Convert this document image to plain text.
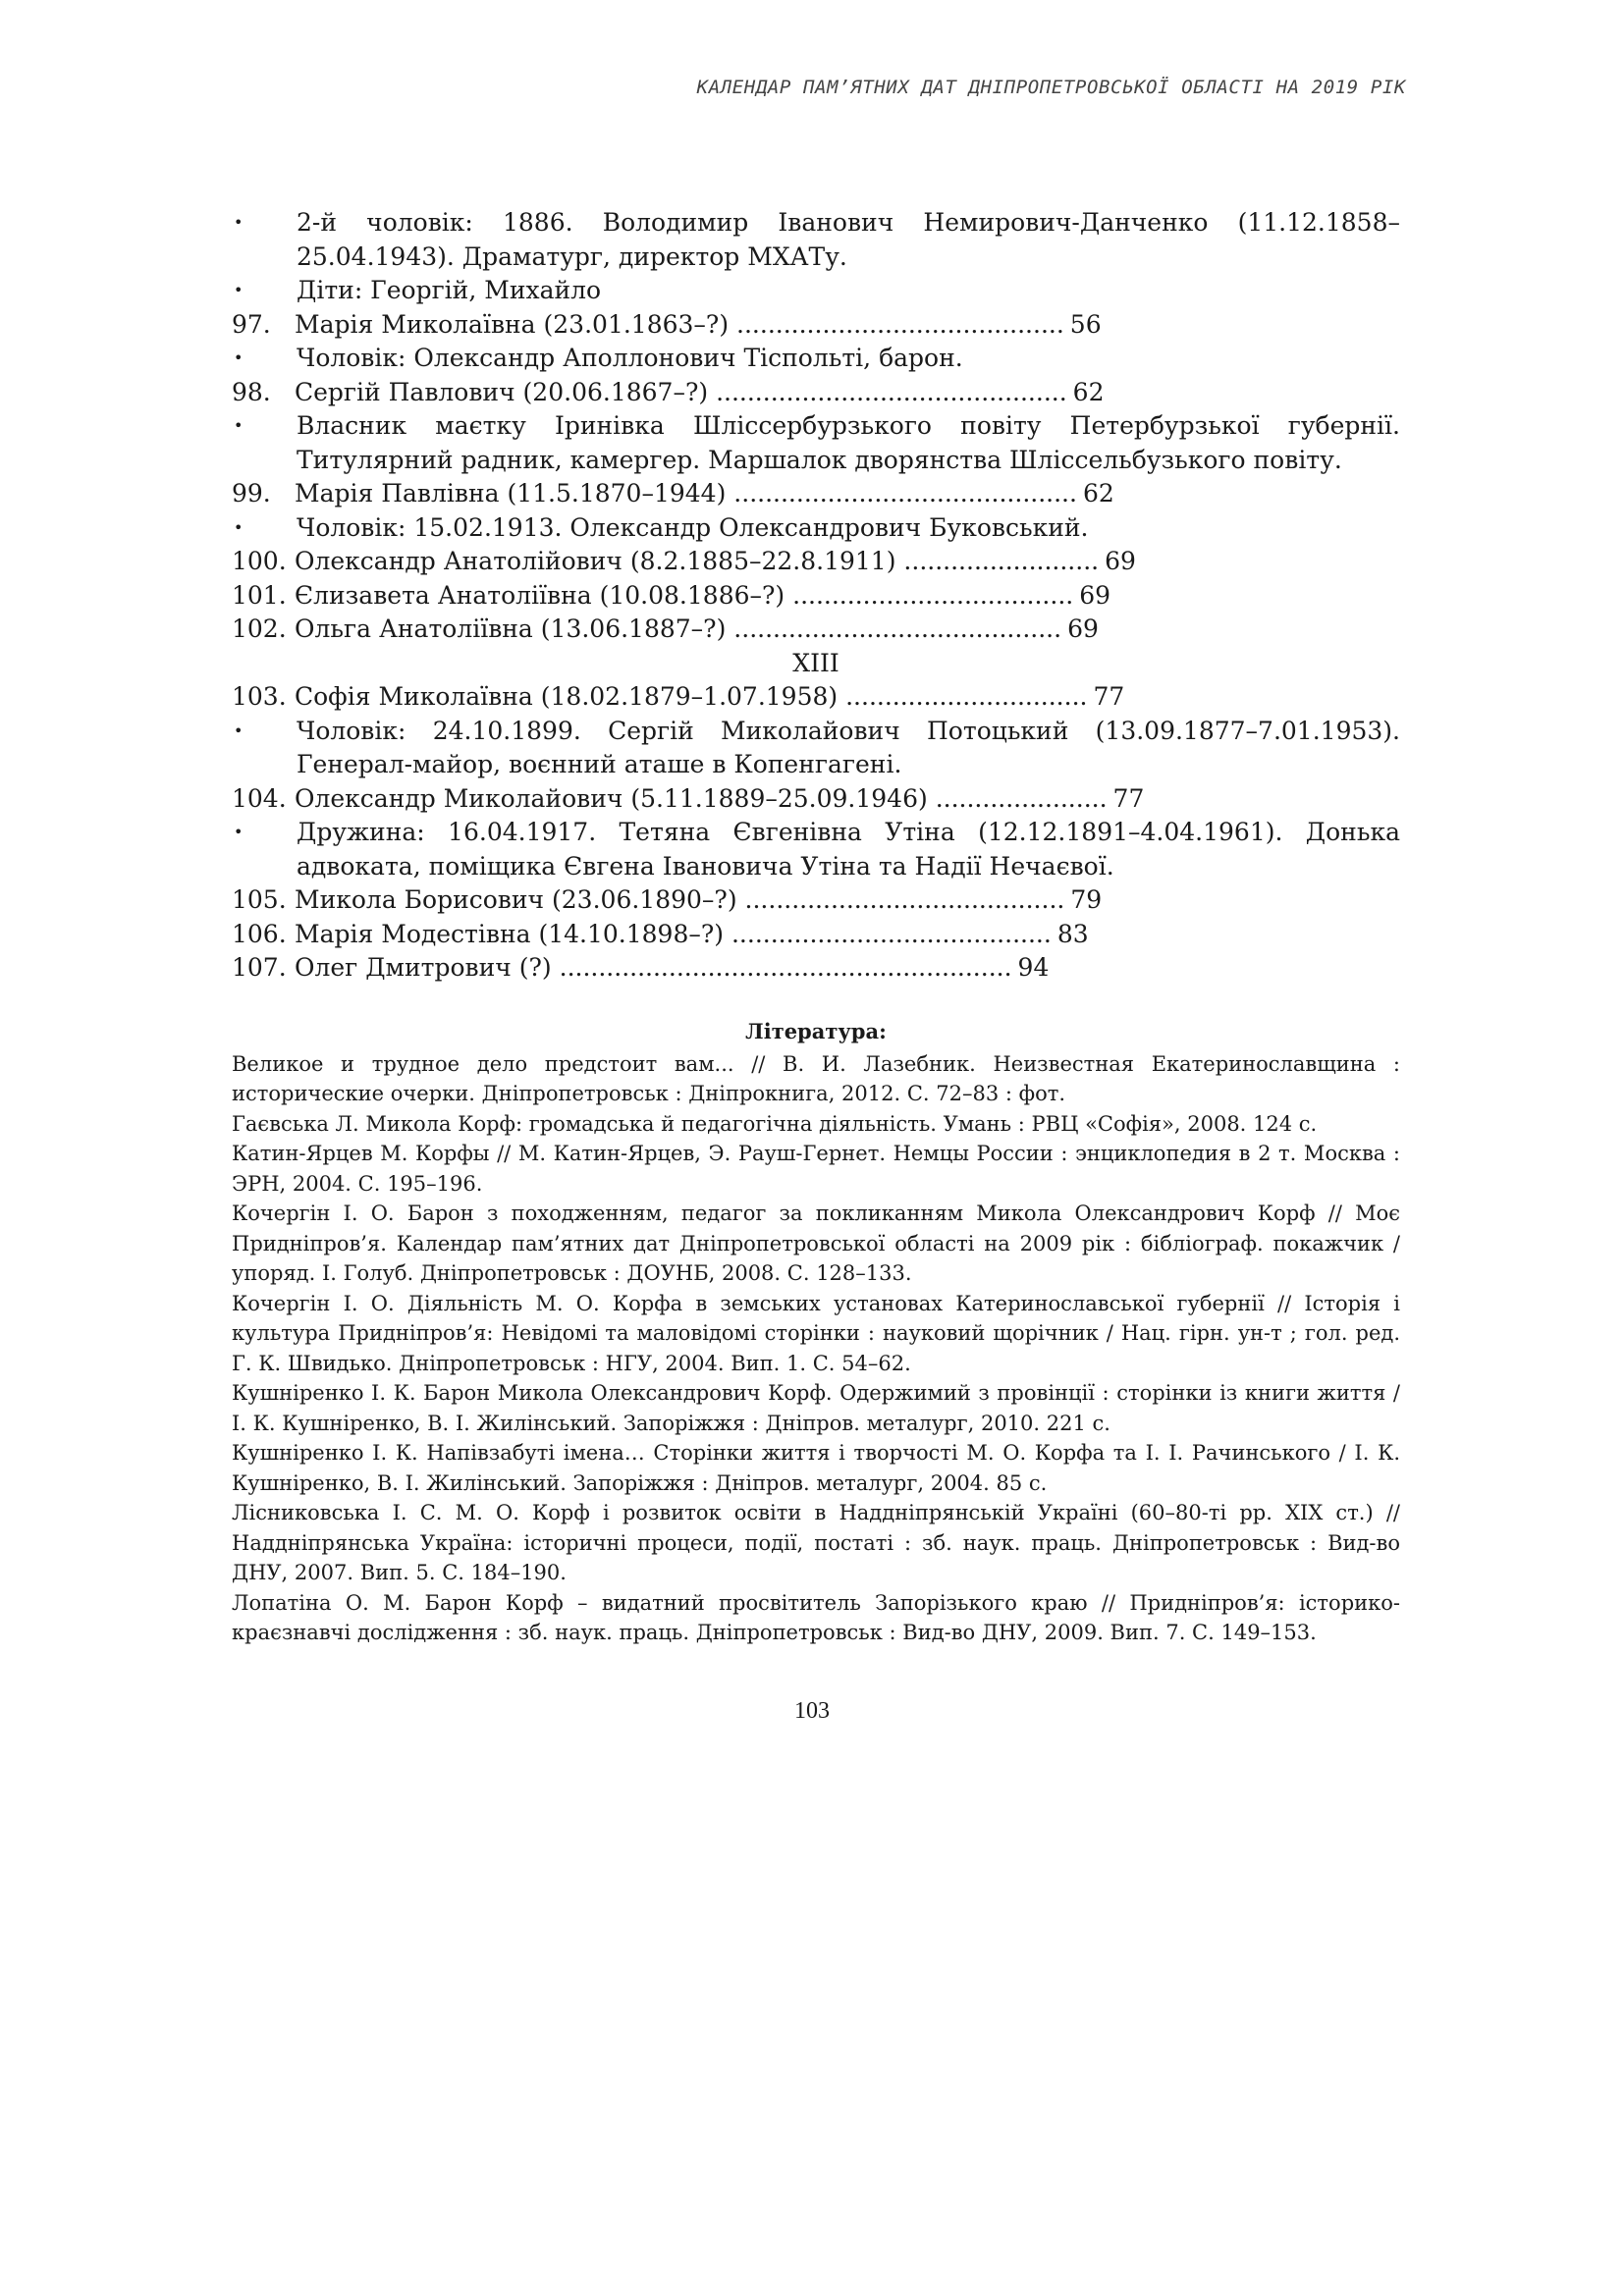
КАЛЕНДАР ПАМ’ЯТНИХ ДАТ ДНІПРОПЕТРОВСЬКОЇ ОБЛАСТІ НА 2019 РІК
•	2-й чоловік: 1886. Володимир Іванович Немирович-Данченко (11.12.1858–25.04.1943). Драматург, директор МХАТу.
•	Діти: Георгій, Михайло
97. Марія Миколаївна (23.01.1863–?) .......................................... 56
•	Чоловік: Олександр Аполлонович Тіспольті, барон.
98. Сергій Павлович (20.06.1867–?) ............................................. 62
•	Власник маєтку Іринівка Шліссербурзького повіту Петербурзької губернії. Титулярний радник, камергер. Маршалок дворянства Шліссельбузького повіту.
99. Марія Павлівна (11.5.1870–1944) ............................................ 62
•	Чоловік: 15.02.1913. Олександр Олександрович Буковський.
100. Олександр Анатолійович (8.2.1885–22.8.1911) ......................... 69
101. Єлизавета Анатоліївна (10.08.1886–?) .................................... 69
102. Ольга Анатоліївна (13.06.1887–?) .......................................... 69
XIII
103. Софія Миколаївна (18.02.1879–1.07.1958) ............................... 77
•	Чоловік: 24.10.1899. Сергій Миколайович Потоцький (13.09.1877–7.01.1953). Генерал-майор, воєнний аташе в Копенгагені.
104. Олександр Миколайович (5.11.1889–25.09.1946) ...................... 77
•	Дружина: 16.04.1917. Тетяна Євгенівна Утіна (12.12.1891–4.04.1961). Донька адвоката, поміщика Євгена Івановича Утіна та Надії Нечаєвої.
105. Микола Борисович (23.06.1890–?) ......................................... 79
106. Марія Модестівна (14.10.1898–?) ......................................... 83
107. Олег Дмитрович (?) .......................................................... 94
Література:
Великое и трудное дело предстоит вам... // В. И. Лазебник. Неизвестная Екатеринославщина : исторические очерки. Дніпропетровськ : Дніпрокнига, 2012. С. 72–83 : фот.
Гаєвська Л. Микола Корф: громадська й педагогічна діяльність. Умань : РВЦ «Софія», 2008. 124 с.
Катин-Ярцев М. Корфы // М. Катин-Ярцев, Э. Рауш-Гернет. Немцы России : энциклопедия в 2 т. Москва : ЭРН, 2004. С. 195–196.
Кочергін І. О. Барон з походженням, педагог за покликанням Микола Олександрович Корф // Моє Придніпров’я. Календар пам’ятних дат Дніпропетровської області на 2009 рік : бібліограф. покажчик / упоряд. І. Голуб. Дніпропетровськ : ДОУНБ, 2008. С. 128–133.
Кочергін І. О. Діяльність М. О. Корфа в земських установах Катеринославської губернії // Історія і культура Придніпров’я: Невідомі та маловідомі сторінки : науковий щорічник / Нац. гірн. ун-т ; гол. ред. Г. К. Швидько. Дніпропетровськ : НГУ, 2004. Вип. 1. С. 54–62.
Кушніренко І. К. Барон Микола Олександрович Корф. Одержимий з провінції : сторінки із книги життя / І. К. Кушніренко, В. І. Жилінський. Запоріжжя : Дніпров. металург, 2010. 221 с.
Кушніренко І. К. Напівзабуті імена… Сторінки життя і творчості М. О. Корфа та І. І. Рачинського / І. К. Кушніренко, В. І. Жилінський. Запоріжжя : Дніпров. металург, 2004. 85 с.
Лісниковська І. С. М. О. Корф і розвиток освіти в Наддніпрянській Україні (60–80-ті рр. XIX ст.) // Наддніпрянська Україна: історичні процеси, події, постаті : зб. наук. праць. Дніпропетровськ : Вид-во ДНУ, 2007. Вип. 5. С. 184–190.
Лопатіна О. М. Барон Корф – видатний просвітитель Запорізького краю // Придніпров’я: історико-краєзнавчі дослідження : зб. наук. праць. Дніпропетровськ : Вид-во ДНУ, 2009. Вип. 7. С. 149–153.
103
